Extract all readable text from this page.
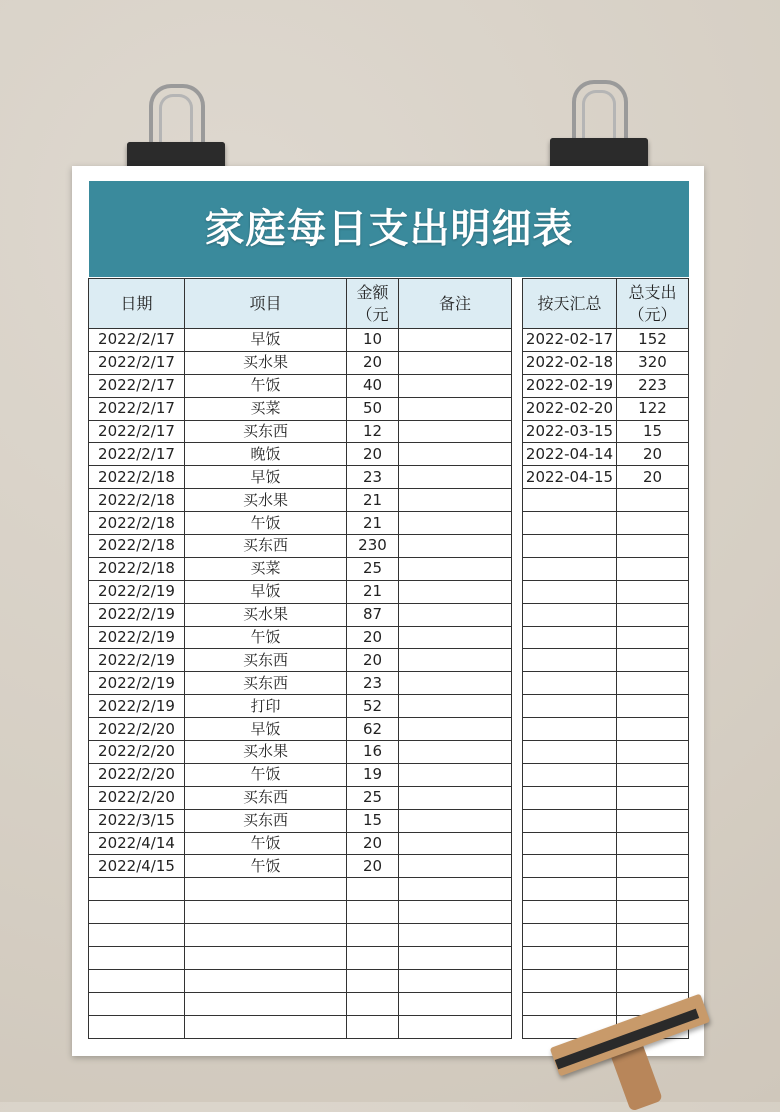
家庭每日支出明细表
日期	项目	金额（元	备注
2022/2/17	早饭	10	
2022/2/17	买水果	20	
2022/2/17	午饭	40	
2022/2/17	买菜	50	
2022/2/17	买东西	12	
2022/2/17	晚饭	20	
2022/2/18	早饭	23	
2022/2/18	买水果	21	
2022/2/18	午饭	21	
2022/2/18	买东西	230	
2022/2/18	买菜	25	
2022/2/19	早饭	21	
2022/2/19	买水果	87	
2022/2/19	午饭	20	
2022/2/19	买东西	20	
2022/2/19	买东西	23	
2022/2/19	打印	52	
2022/2/20	早饭	62	
2022/2/20	买水果	16	
2022/2/20	午饭	19	
2022/2/20	买东西	25	
2022/3/15	买东西	15	
2022/4/14	午饭	20	
2022/4/15	午饭	20	

按天汇总	总支出（元）
2022-02-17	152
2022-02-18	320
2022-02-19	223
2022-02-20	122
2022-03-15	15
2022-04-14	20
2022-04-15	20
